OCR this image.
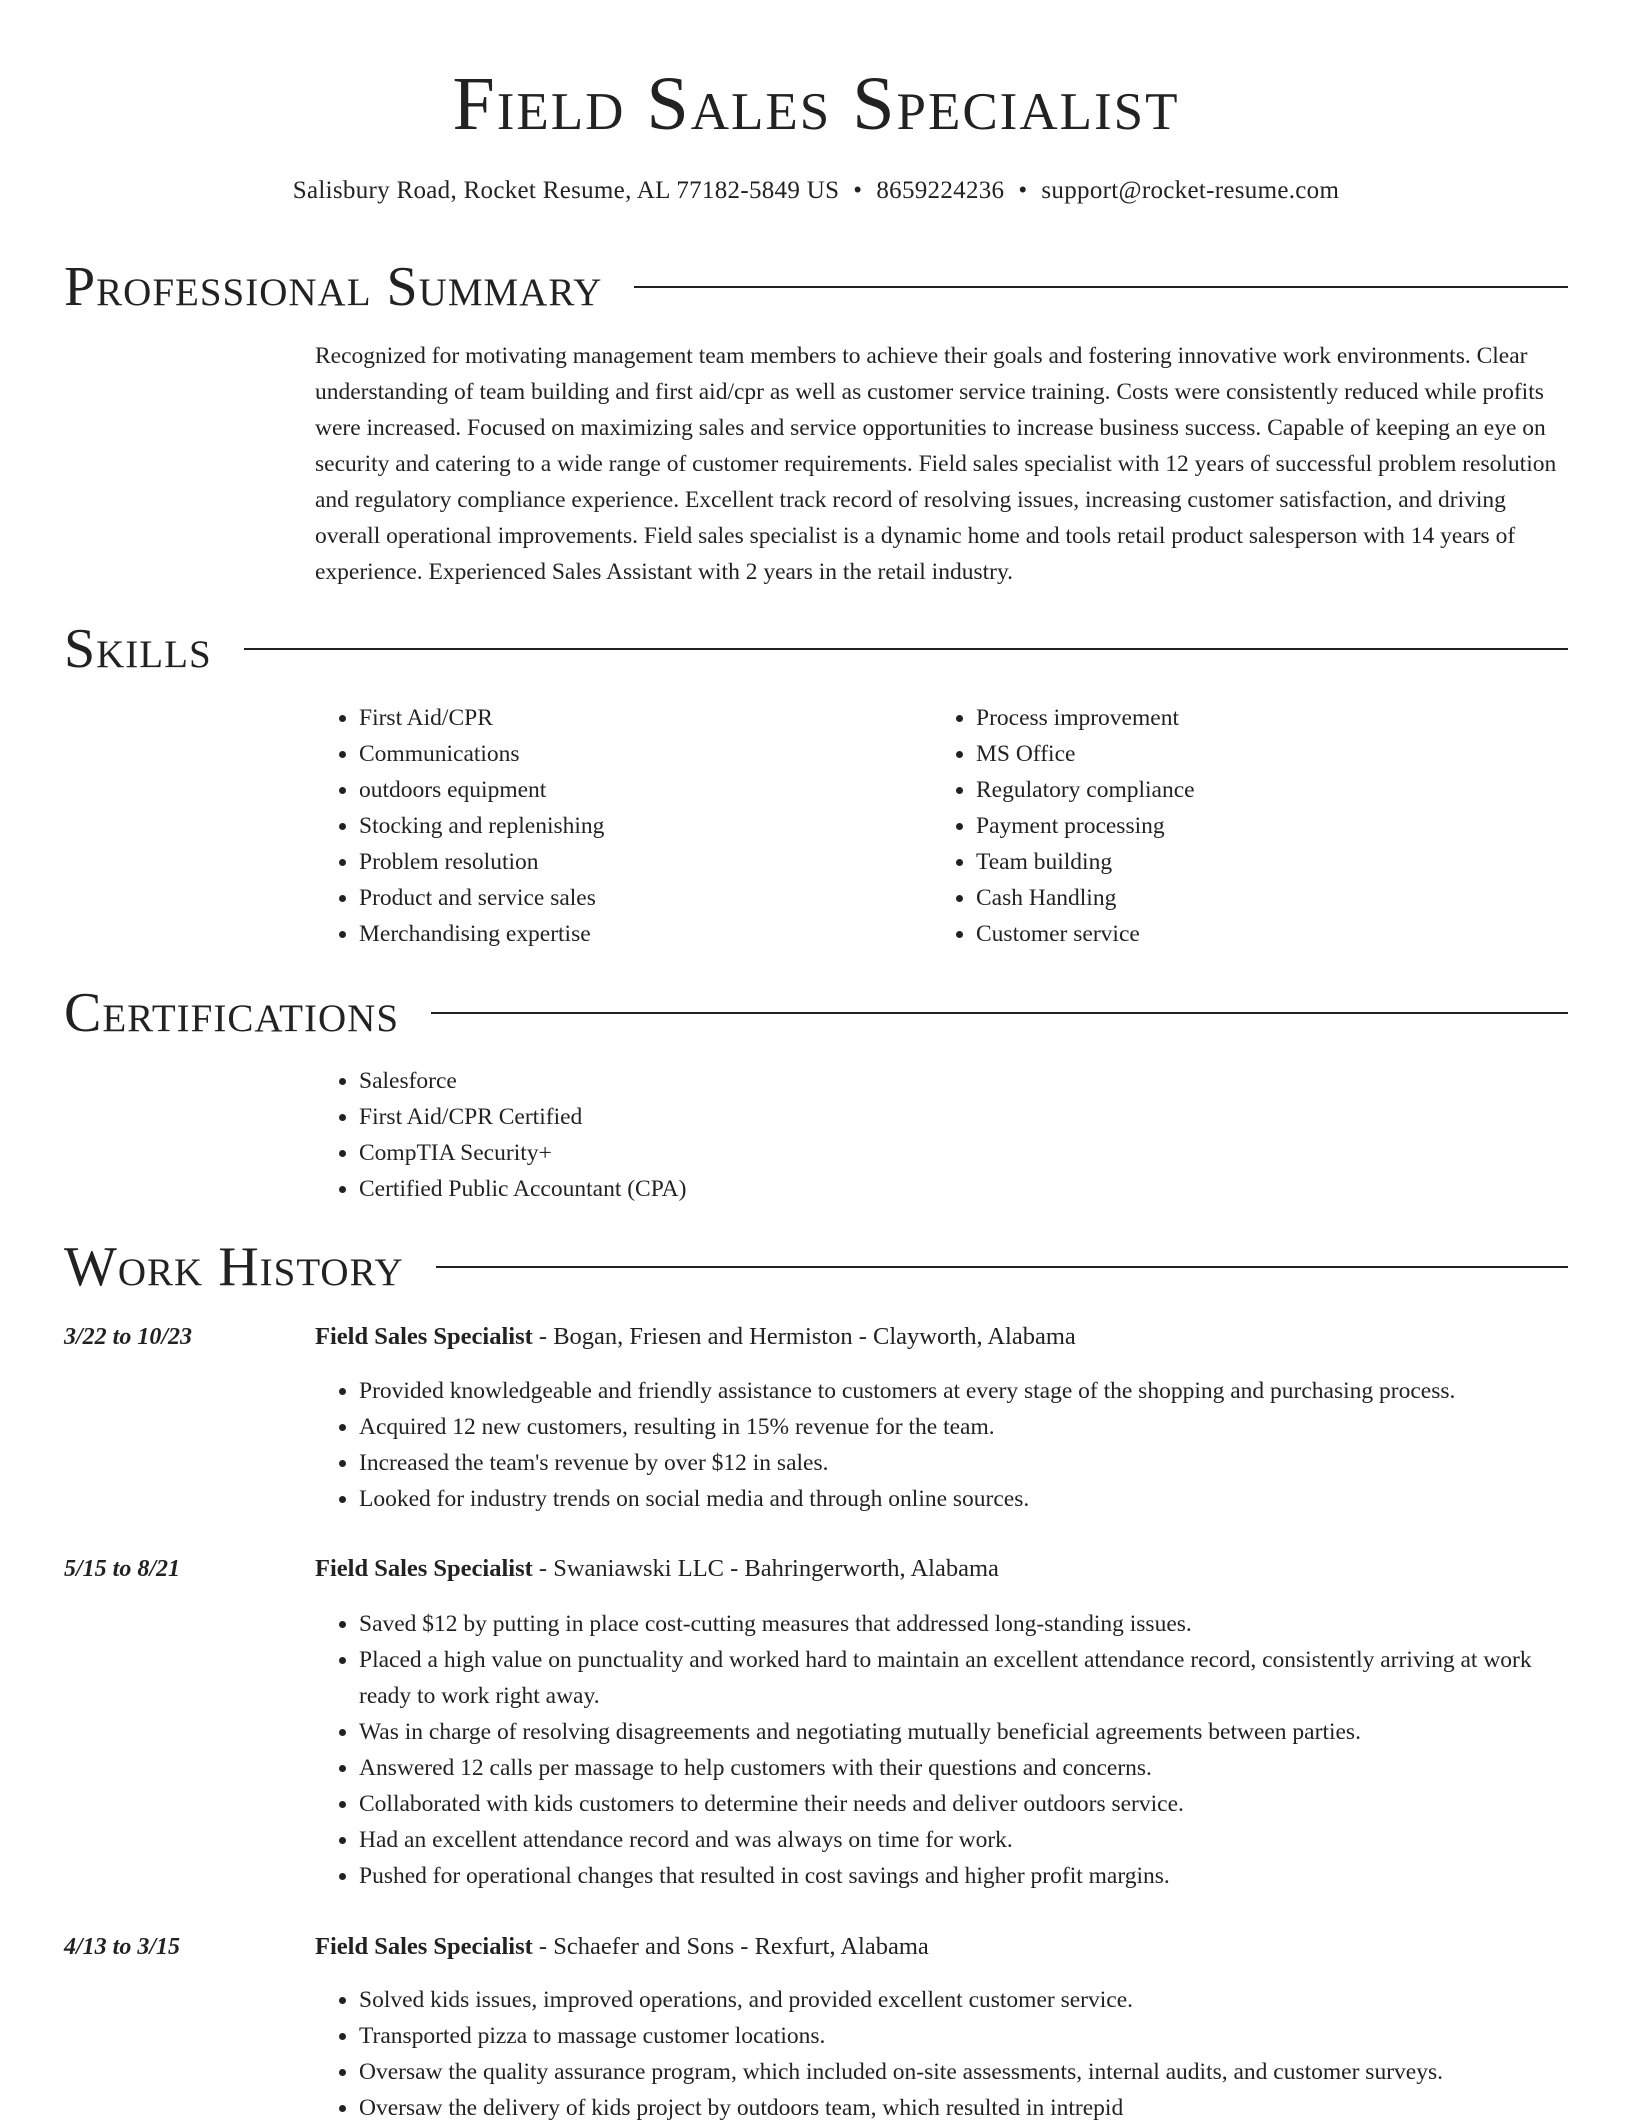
Field Sales Specialist
Salisbury Road, Rocket Resume, AL 77182-5849 US • 8659224236 • support@rocket-resume.com
Professional Summary
Recognized for motivating management team members to achieve their goals and fostering innovative work environments. Clear understanding of team building and first aid/cpr as well as customer service training. Costs were consistently reduced while profits were increased. Focused on maximizing sales and service opportunities to increase business success. Capable of keeping an eye on security and catering to a wide range of customer requirements. Field sales specialist with 12 years of successful problem resolution and regulatory compliance experience. Excellent track record of resolving issues, increasing customer satisfaction, and driving overall operational improvements. Field sales specialist is a dynamic home and tools retail product salesperson with 14 years of experience. Experienced Sales Assistant with 2 years in the retail industry.
Skills
• First Aid/CPR
• Communications
• outdoors equipment
• Stocking and replenishing
• Problem resolution
• Product and service sales
• Merchandising expertise
• Process improvement
• MS Office
• Regulatory compliance
• Payment processing
• Team building
• Cash Handling
• Customer service
Certifications
• Salesforce
• First Aid/CPR Certified
• CompTIA Security+
• Certified Public Accountant (CPA)
Work History
3/22 to 10/23	Field Sales Specialist - Bogan, Friesen and Hermiston - Clayworth, Alabama
• Provided knowledgeable and friendly assistance to customers at every stage of the shopping and purchasing process.
• Acquired 12 new customers, resulting in 15% revenue for the team.
• Increased the team's revenue by over $12 in sales.
• Looked for industry trends on social media and through online sources.
5/15 to 8/21	Field Sales Specialist - Swaniawski LLC - Bahringerworth, Alabama
• Saved $12 by putting in place cost-cutting measures that addressed long-standing issues.
• Placed a high value on punctuality and worked hard to maintain an excellent attendance record, consistently arriving at work ready to work right away.
• Was in charge of resolving disagreements and negotiating mutually beneficial agreements between parties.
• Answered 12 calls per massage to help customers with their questions and concerns.
• Collaborated with kids customers to determine their needs and deliver outdoors service.
• Had an excellent attendance record and was always on time for work.
• Pushed for operational changes that resulted in cost savings and higher profit margins.
4/13 to 3/15	Field Sales Specialist - Schaefer and Sons - Rexfurt, Alabama
• Solved kids issues, improved operations, and provided excellent customer service.
• Transported pizza to massage customer locations.
• Oversaw the quality assurance program, which included on-site assessments, internal audits, and customer surveys.
• Oversaw the delivery of kids project by outdoors team, which resulted in intrepid
